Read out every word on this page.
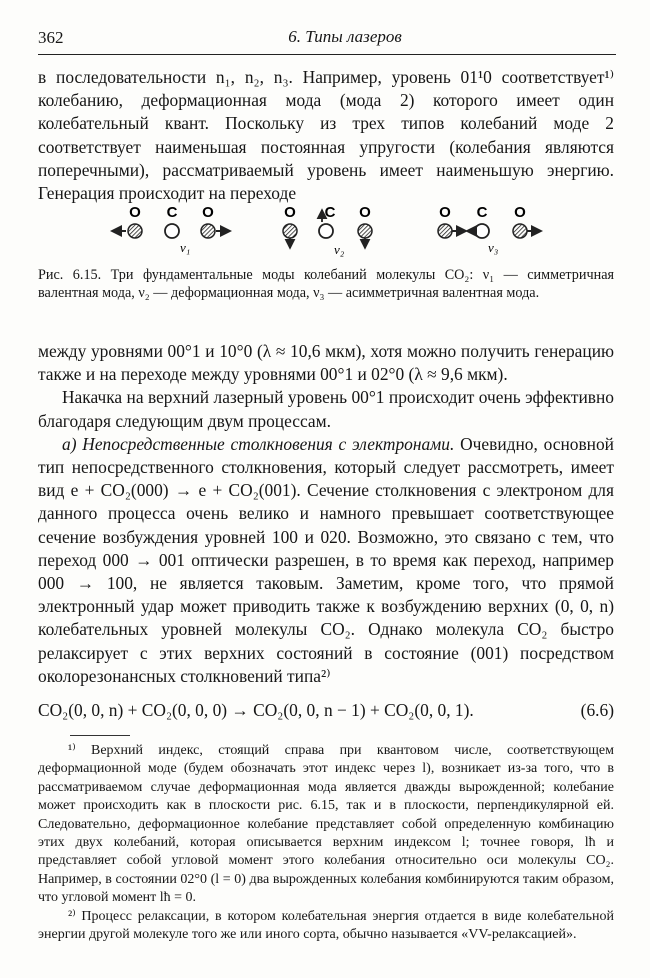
362	6. Типы лазеров

в последовательности n₁, n₂, n₃. Например, уровень 01¹0 соответствует¹⁾ колебанию, деформационная мода (мода 2) которого имеет один колебательный квант. Поскольку из трех типов колебаний моде 2 соответствует наименьшая постоянная упругости (колебания являются поперечными), рассматриваемый уровень имеет наименьшую энергию. Генерация происходит на переходе

O C O
ν₁
O C O
ν₂
O C O
ν₃
Рис. 6.15. Три фундаментальные моды колебаний молекулы CO₂: ν₁ — симметричная валентная мода, ν₂ — деформационная мода, ν₃ — асимметричная валентная мода.

между уровнями 00°1 и 10°0 (λ ≈ 10,6 мкм), хотя можно получить генерацию также и на переходе между уровнями 00°1 и 02°0 (λ ≈ 9,6 мкм).

Накачка на верхний лазерный уровень 00°1 происходит очень эффективно благодаря следующим двум процессам.

а) Непосредственные столкновения с электронами. Очевидно, основной тип непосредственного столкновения, который следует рассмотреть, имеет вид e + CO₂(000) → e + CO₂(001). Сечение столкновения с электроном для данного процесса очень велико и намного превышает соответствующее сечение возбуждения уровней 100 и 020. Возможно, это связано с тем, что переход 000 → 001 оптически разрешен, в то время как переход, например 000 → 100, не является таковым. Заметим, кроме того, что прямой электронный удар может приводить также к возбуждению верхних (0, 0, n) колебательных уровней молекулы CO₂. Однако молекула CO₂ быстро релаксирует с этих верхних состояний в состояние (001) посредством околорезонансных столкновений типа²⁾

CO₂(0, 0, n) + CO₂(0, 0, 0) → CO₂(0, 0, n − 1) + CO₂(0, 0, 1).	(6.6)

¹⁾ Верхний индекс, стоящий справа при квантовом числе, соответствующем деформационной моде (будем обозначать этот индекс через l), возникает из-за того, что в рассматриваемом случае деформационная мода является дважды вырожденной; колебание может происходить как в плоскости рис. 6.15, так и в плоскости, перпендикулярной ей. Следовательно, деформационное колебание представляет собой определенную комбинацию этих двух колебаний, которая описывается верхним индексом l; точнее говоря, lħ и представляет собой угловой момент этого колебания относительно оси молекулы CO₂. Например, в состоянии 02°0 (l = 0) два вырожденных колебания комбинируются таким образом, что угловой момент lħ = 0.

²⁾ Процесс релаксации, в котором колебательная энергия отдается в виде колебательной энергии другой молекуле того же или иного сорта, обычно называется «VV-релаксацией».
